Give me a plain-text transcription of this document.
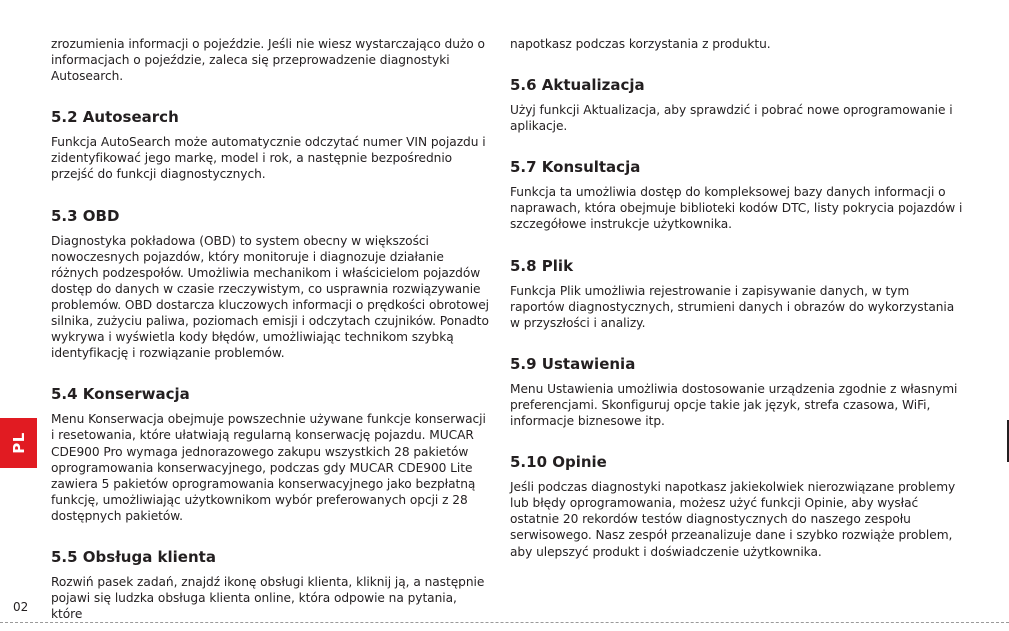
zrozumienia informacji o pojeździe. Jeśli nie wiesz wystarczająco dużo o informacjach o pojeździe, zaleca się przeprowadzenie diagnostyki Autosearch.

5.2 Autosearch

Funkcja AutoSearch może automatycznie odczytać numer VIN pojazdu i zidentyfikować jego markę, model i rok, a następnie bezpośrednio przejść do funkcji diagnostycznych.

5.3 OBD

Diagnostyka pokładowa (OBD) to system obecny w większości nowoczesnych pojazdów, który monitoruje i diagnozuje działanie różnych podzespołów. Umożliwia mechanikom i właścicielom pojazdów dostęp do danych w czasie rzeczywistym, co usprawnia rozwiązywanie problemów. OBD dostarcza kluczowych informacji o prędkości obrotowej silnika, zużyciu paliwa, poziomach emisji i odczytach czujników. Ponadto wykrywa i wyświetla kody błędów, umożliwiając technikom szybką identyfikację i rozwiązanie problemów.

5.4 Konserwacja

Menu Konserwacja obejmuje powszechnie używane funkcje konserwacji i resetowania, które ułatwiają regularną konserwację pojazdu. MUCAR CDE900 Pro wymaga jednorazowego zakupu wszystkich 28 pakietów oprogramowania konserwacyjnego, podczas gdy MUCAR CDE900 Lite zawiera 5 pakietów oprogramowania konserwacyjnego jako bezpłatną funkcję, umożliwiając użytkownikom wybór preferowanych opcji z 28 dostępnych pakietów.

5.5 Obsługa klienta

Rozwiń pasek zadań, znajdź ikonę obsługi klienta, kliknij ją, a następnie pojawi się ludzka obsługa klienta online, która odpowie na pytania, które

napotkasz podczas korzystania z produktu.

5.6 Aktualizacja

Użyj funkcji Aktualizacja, aby sprawdzić i pobrać nowe oprogramowanie i aplikacje.

5.7 Konsultacja

Funkcja ta umożliwia dostęp do kompleksowej bazy danych informacji o naprawach, która obejmuje biblioteki kodów DTC, listy pokrycia pojazdów i szczegółowe instrukcje użytkownika.

5.8 Plik

Funkcja Plik umożliwia rejestrowanie i zapisywanie danych, w tym raportów diagnostycznych, strumieni danych i obrazów do wykorzystania w przyszłości i analizy.

5.9 Ustawienia

Menu Ustawienia umożliwia dostosowanie urządzenia zgodnie z własnymi preferencjami. Skonfiguruj opcje takie jak język, strefa czasowa, WiFi, informacje biznesowe itp.

5.10 Opinie

Jeśli podczas diagnostyki napotkasz jakiekolwiek nierozwiązane problemy lub błędy oprogramowania, możesz użyć funkcji Opinie, aby wysłać ostatnie 20 rekordów testów diagnostycznych do naszego zespołu serwisowego. Nasz zespół przeanalizuje dane i szybko rozwiąże problem, aby ulepszyć produkt i doświadczenie użytkownika.

PL
02
